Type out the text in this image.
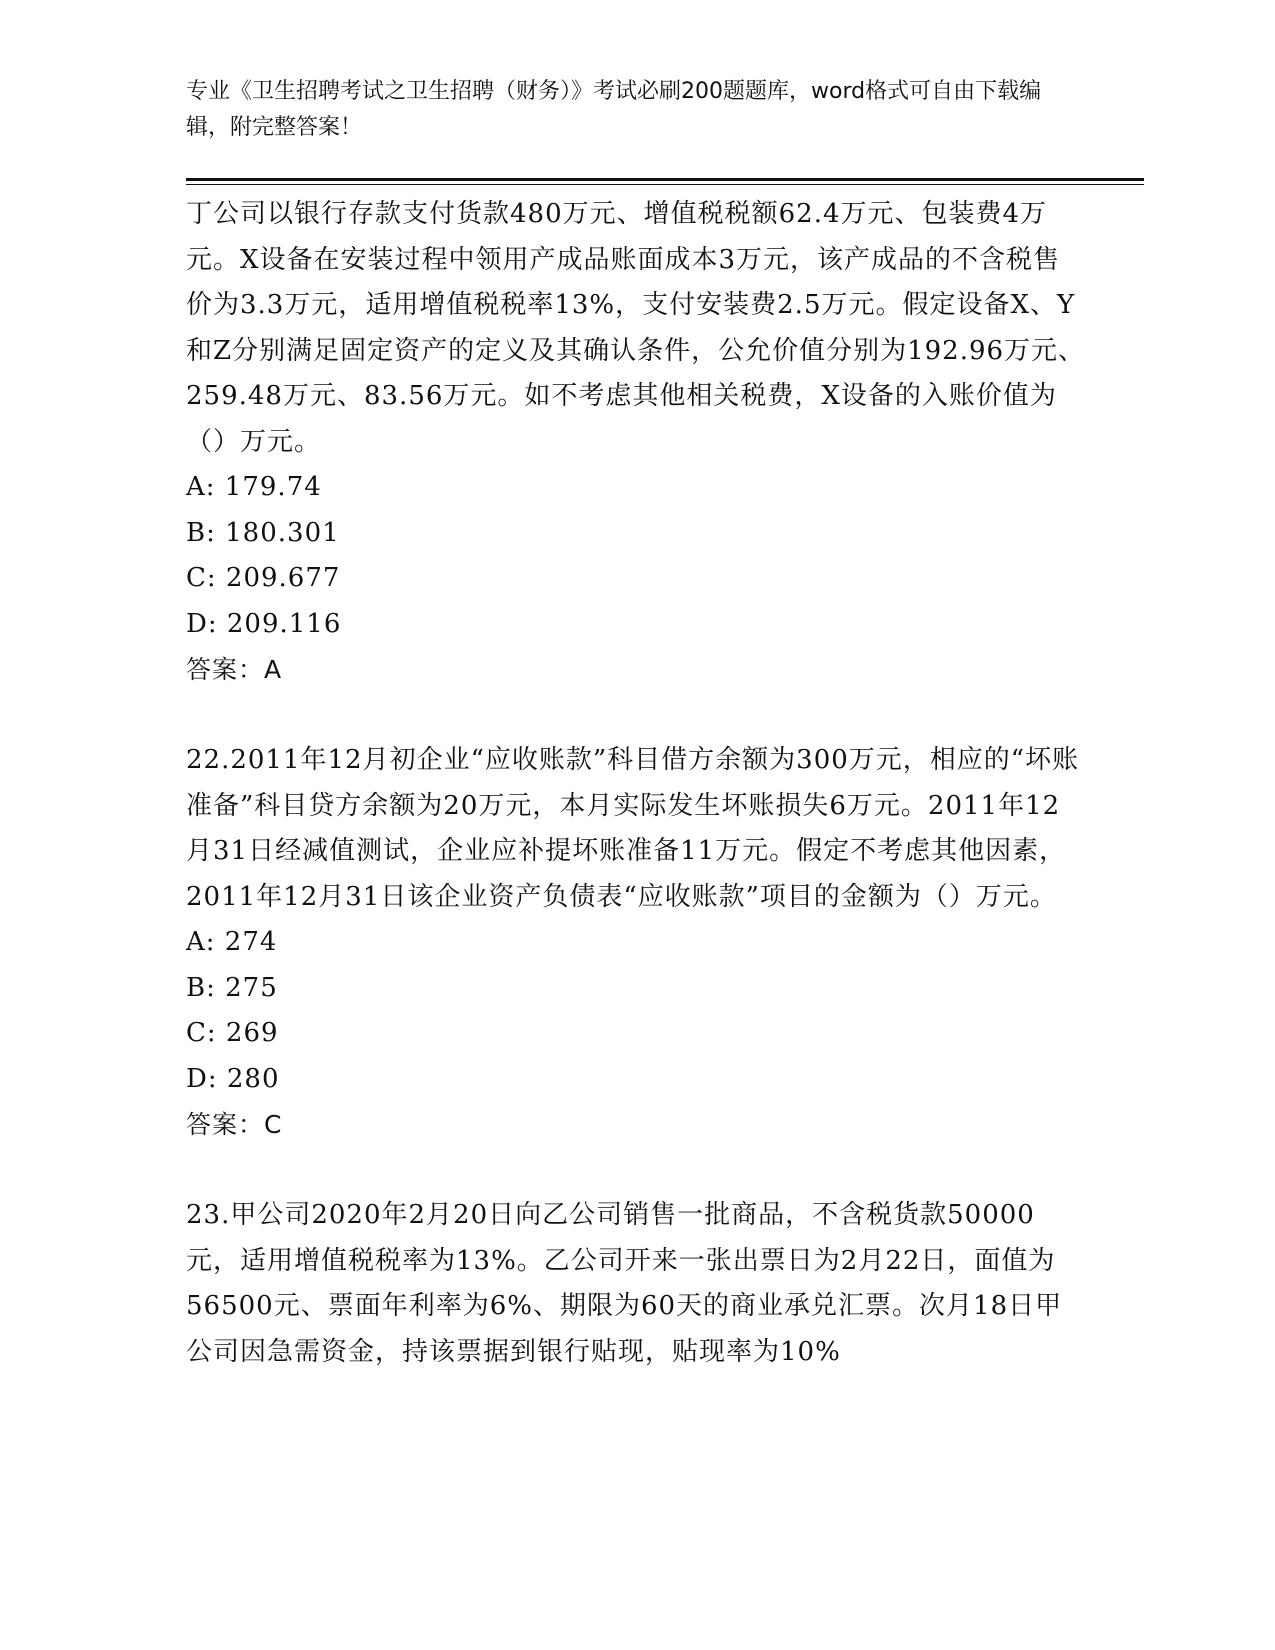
专业《卫生招聘考试之卫生招聘（财务）》考试必刷200题题库，word格式可自由下载编辑，附完整答案！

丁公司以银行存款支付货款480万元、增值税税额62.4万元、包装费4万元。X设备在安装过程中领用产成品账面成本3万元，该产成品的不含税售价为3.3万元，适用增值税税率13%，支付安装费2.5万元。假定设备X、Y和Z分别满足固定资产的定义及其确认条件，公允价值分别为192.96万元、259.48万元、83.56万元。如不考虑其他相关税费，X设备的入账价值为（）万元。

A: 179.74

B: 180.301

C: 209.677

D: 209.116

答案：A

22.2011年12月初企业“应收账款”科目借方余额为300万元，相应的“坏账准备”科目贷方余额为20万元，本月实际发生坏账损失6万元。2011年12月31日经减值测试，企业应补提坏账准备11万元。假定不考虑其他因素，2011年12月31日该企业资产负债表“应收账款”项目的金额为（）万元。

A: 274

B: 275

C: 269

D: 280

答案：C

23.甲公司2020年2月20日向乙公司销售一批商品，不含税货款50000元，适用增值税税率为13%。乙公司开来一张出票日为2月22日，面值为56500元、票面年利率为6%、期限为60天的商业承兑汇票。次月18日甲公司因急需资金，持该票据到银行贴现，贴现率为10%
